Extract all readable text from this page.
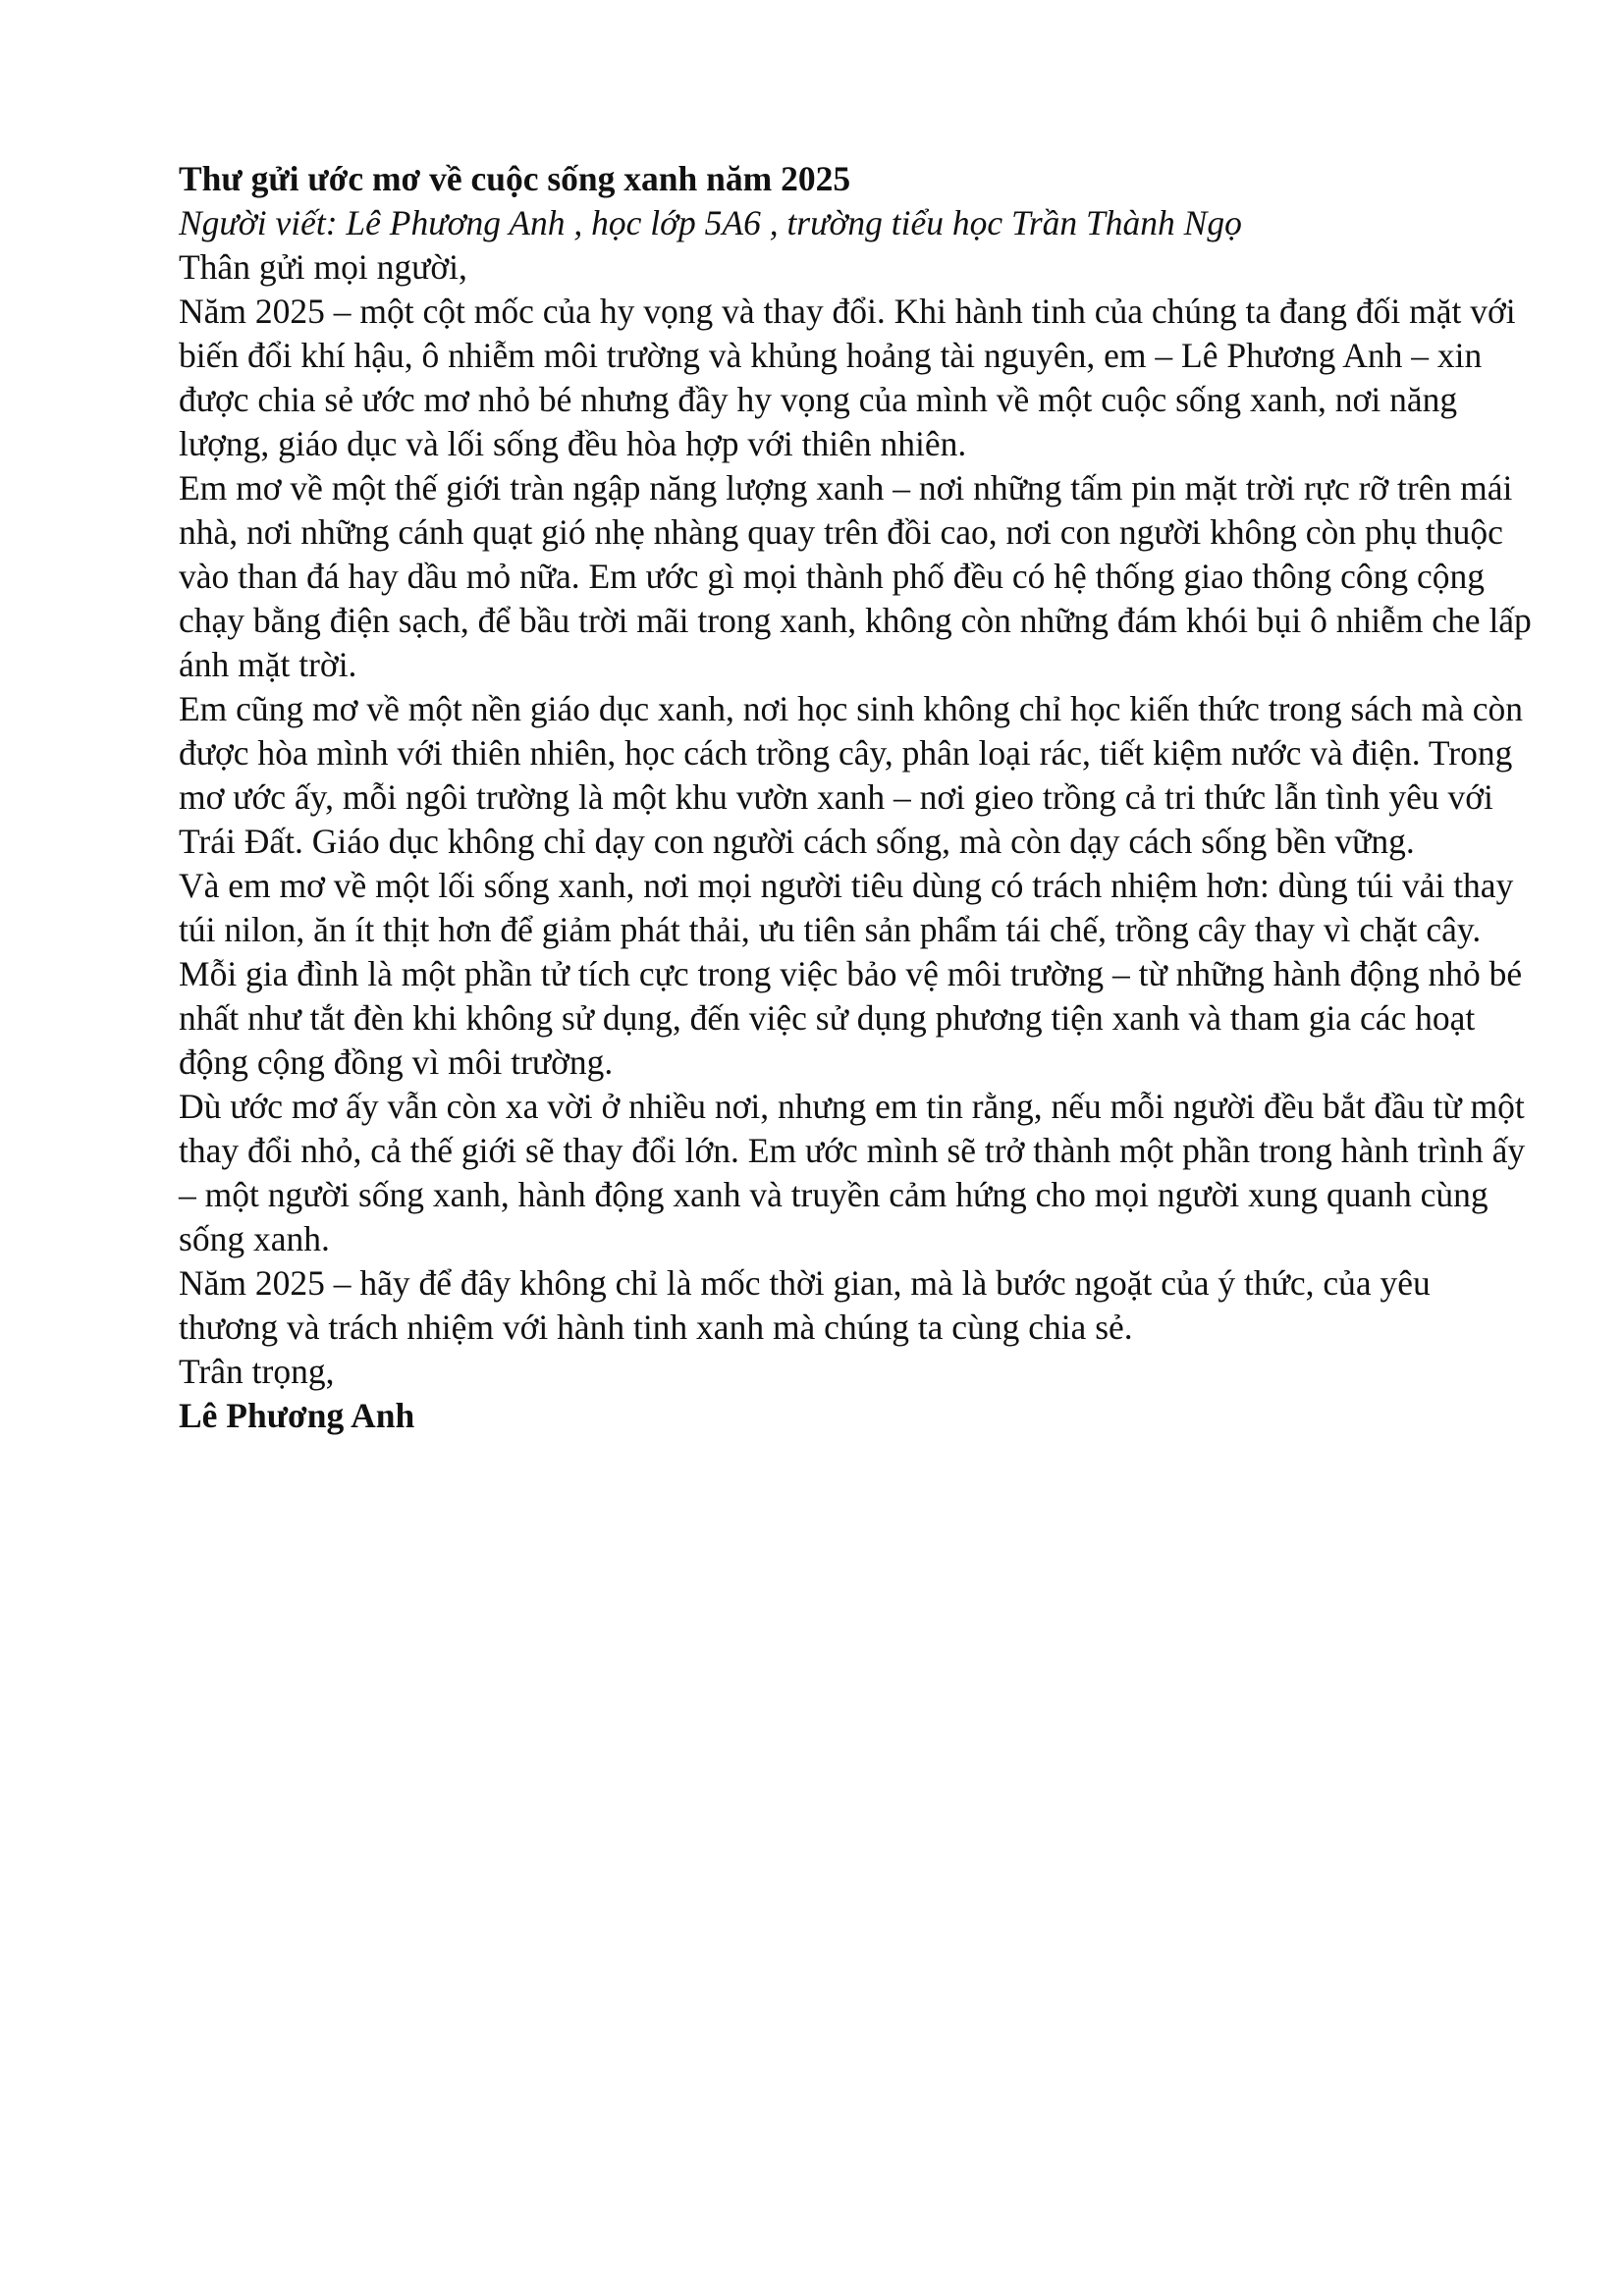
Thư gửi ước mơ về cuộc sống xanh năm 2025

Người viết: Lê Phương Anh , học lớp 5A6 , trường tiểu học Trần Thành Ngọ

Thân gửi mọi người,

Năm 2025 – một cột mốc của hy vọng và thay đổi. Khi hành tinh của chúng ta đang đối mặt với biến đổi khí hậu, ô nhiễm môi trường và khủng hoảng tài nguyên, em – Lê Phương Anh – xin được chia sẻ ước mơ nhỏ bé nhưng đầy hy vọng của mình về một cuộc sống xanh, nơi năng lượng, giáo dục và lối sống đều hòa hợp với thiên nhiên.

Em mơ về một thế giới tràn ngập năng lượng xanh – nơi những tấm pin mặt trời rực rỡ trên mái nhà, nơi những cánh quạt gió nhẹ nhàng quay trên đồi cao, nơi con người không còn phụ thuộc vào than đá hay dầu mỏ nữa. Em ước gì mọi thành phố đều có hệ thống giao thông công cộng chạy bằng điện sạch, để bầu trời mãi trong xanh, không còn những đám khói bụi ô nhiễm che lấp ánh mặt trời.

Em cũng mơ về một nền giáo dục xanh, nơi học sinh không chỉ học kiến thức trong sách mà còn được hòa mình với thiên nhiên, học cách trồng cây, phân loại rác, tiết kiệm nước và điện. Trong mơ ước ấy, mỗi ngôi trường là một khu vườn xanh – nơi gieo trồng cả tri thức lẫn tình yêu với Trái Đất. Giáo dục không chỉ dạy con người cách sống, mà còn dạy cách sống bền vững.

Và em mơ về một lối sống xanh, nơi mọi người tiêu dùng có trách nhiệm hơn: dùng túi vải thay túi nilon, ăn ít thịt hơn để giảm phát thải, ưu tiên sản phẩm tái chế, trồng cây thay vì chặt cây. Mỗi gia đình là một phần tử tích cực trong việc bảo vệ môi trường – từ những hành động nhỏ bé nhất như tắt đèn khi không sử dụng, đến việc sử dụng phương tiện xanh và tham gia các hoạt động cộng đồng vì môi trường.

Dù ước mơ ấy vẫn còn xa vời ở nhiều nơi, nhưng em tin rằng, nếu mỗi người đều bắt đầu từ một thay đổi nhỏ, cả thế giới sẽ thay đổi lớn. Em ước mình sẽ trở thành một phần trong hành trình ấy – một người sống xanh, hành động xanh và truyền cảm hứng cho mọi người xung quanh cùng sống xanh.

Năm 2025 – hãy để đây không chỉ là mốc thời gian, mà là bước ngoặt của ý thức, của yêu thương và trách nhiệm với hành tinh xanh mà chúng ta cùng chia sẻ.

Trân trọng,

Lê Phương Anh
